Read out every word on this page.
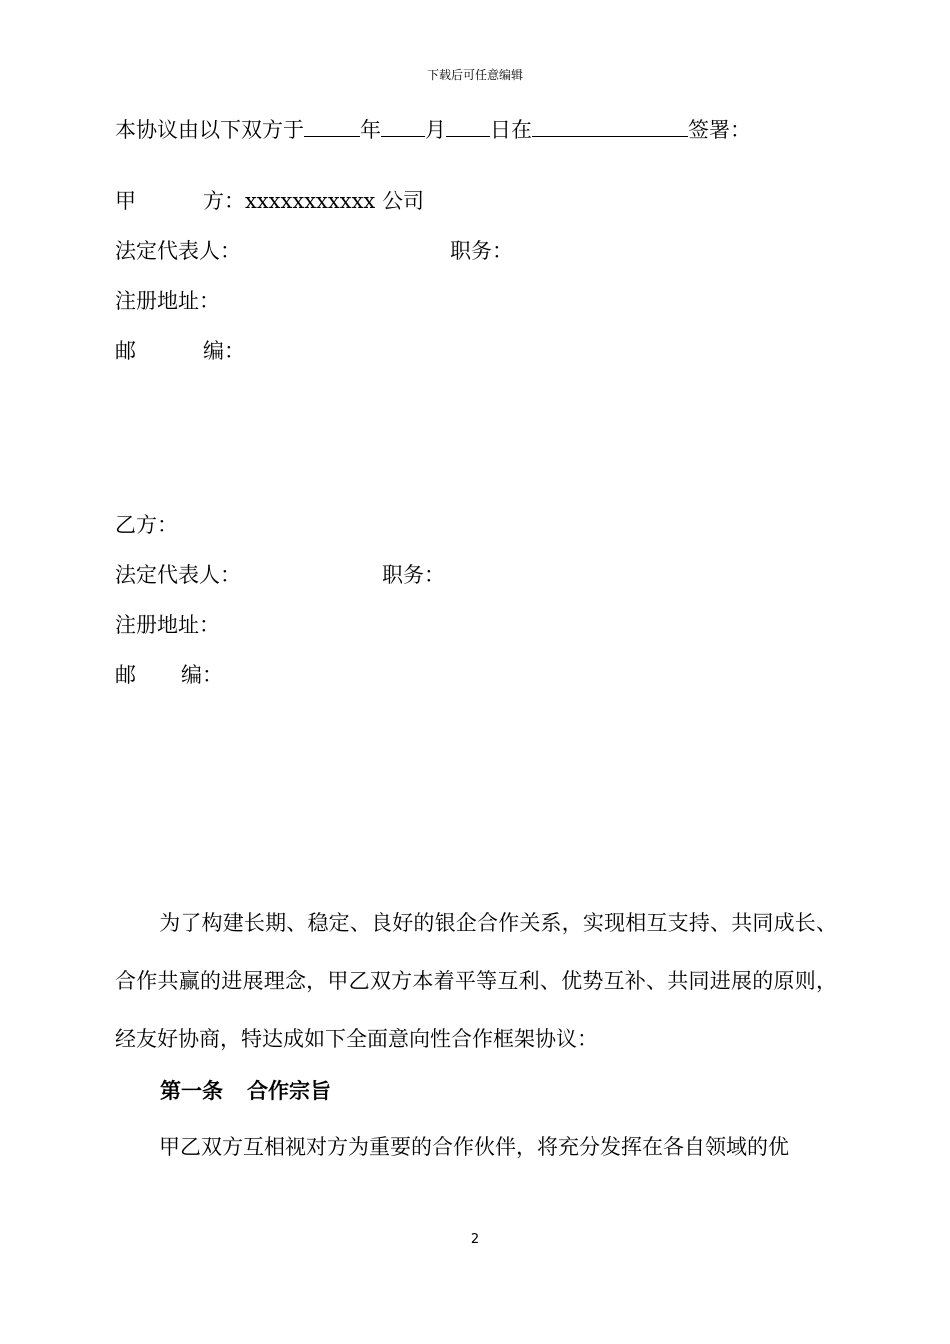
下载后可任意编辑
本协议由以下双方于	年 月 日在	签署：
甲	方：xxxxxxxxxxx 公司
法定代表人：	职务：
注册地址：
邮	编：
乙方：
法定代表人：	职务：
注册地址：
邮 编：
为了构建长期、稳定、良好的银企合作关系，实现相互支持、共同成长、合作共赢的进展理念，甲乙双方本着平等互利、优势互补、共同进展的原则，经友好协商，特达成如下全面意向性合作框架协议：
第一条 合作宗旨
甲乙双方互相视对方为重要的合作伙伴，将充分发挥在各自领域的优
2
